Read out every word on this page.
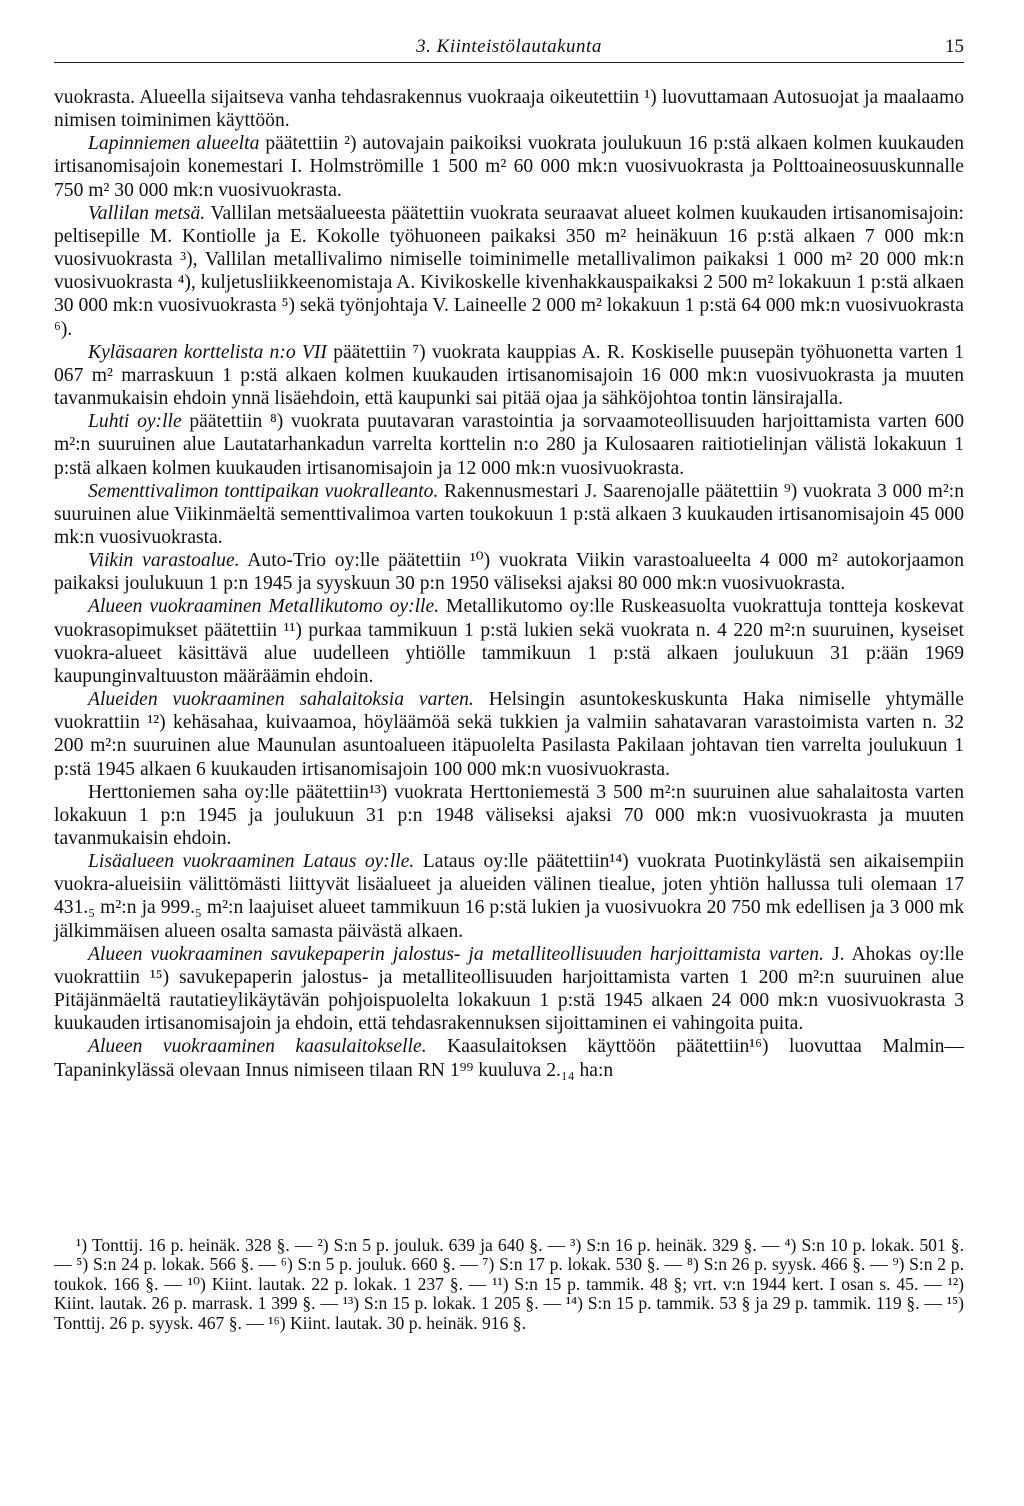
3. Kiinteistölautakunta	15

vuokrasta. Alueella sijaitseva vanha tehdasrakennus vuokraaja oikeutettiin ¹) luovuttamaan Autosuojat ja maalaamo nimisen toiminimen käyttöön.

Lapinniemen alueelta päätettiin ²) autovajain paikoiksi vuokrata joulukuun 16 p:stä alkaen kolmen kuukauden irtisanomisajoin konemestari I. Holmströmille 1 500 m² 60 000 mk:n vuosivuokrasta ja Polttoaineosuuskunnalle 750 m² 30 000 mk:n vuosivuokrasta.

Vallilan metsä. Vallilan metsäalueesta päätettiin vuokrata seuraavat alueet kolmen kuukauden irtisanomisajoin: peltisepille M. Kontiolle ja E. Kokolle työhuoneen paikaksi 350 m² heinäkuun 16 p:stä alkaen 7 000 mk:n vuosivuokrasta ³), Vallilan metallivalimo nimiselle toiminimelle metallivalimon paikaksi 1 000 m² 20 000 mk:n vuosivuokrasta ⁴), kuljetusliikkeenomistaja A. Kivikoskelle kivenhakkauspaikaksi 2 500 m² lokakuun 1 p:stä alkaen 30 000 mk:n vuosivuokrasta ⁵) sekä työnjohtaja V. Laineelle 2 000 m² lokakuun 1 p:stä 64 000 mk:n vuosivuokrasta ⁶).

Kyläsaaren korttelista n:o VII päätettiin ⁷) vuokrata kauppias A. R. Koskiselle puusepän työhuonetta varten 1 067 m² marraskuun 1 p:stä alkaen kolmen kuukauden irtisanomisajoin 16 000 mk:n vuosivuokrasta ja muuten tavanmukaisin ehdoin ynnä lisäehdoin, että kaupunki sai pitää ojaa ja sähköjohtoa tontin länsirajalla.

Luhti oy:lle päätettiin ⁸) vuokrata puutavaran varastointia ja sorvaamoteollisuuden harjoittamista varten 600 m²:n suuruinen alue Lautatarhankadun varrelta korttelin n:o 280 ja Kulosaaren raitiotielinjan välistä lokakuun 1 p:stä alkaen kolmen kuukauden irtisanomisajoin ja 12 000 mk:n vuosivuokrasta.

Sementtivalimon tonttipaikan vuokralleanto. Rakennusmestari J. Saarenojalle päätettiin ⁹) vuokrata 3 000 m²:n suuruinen alue Viikinmäeltä sementtivalimoa varten toukokuun 1 p:stä alkaen 3 kuukauden irtisanomisajoin 45 000 mk:n vuosivuokrasta.

Viikin varastoalue. Auto-Trio oy:lle päätettiin ¹⁰) vuokrata Viikin varastoalueelta 4 000 m² autokorjaamon paikaksi joulukuun 1 p:n 1945 ja syyskuun 30 p:n 1950 väliseksi ajaksi 80 000 mk:n vuosivuokrasta.

Alueen vuokraaminen Metallikutomo oy:lle. Metallikutomo oy:lle Ruskeasuolta vuokrattuja tontteja koskevat vuokrasopimukset päätettiin ¹¹) purkaa tammikuun 1 p:stä lukien sekä vuokrata n. 4 220 m²:n suuruinen, kyseiset vuokra-alueet käsittävä alue uudelleen yhtiölle tammikuun 1 p:stä alkaen joulukuun 31 p:ään 1969 kaupunginvaltuuston määräämin ehdoin.

Alueiden vuokraaminen sahalaitoksia varten. Helsingin asuntokeskuskunta Haka nimiselle yhtymälle vuokrattiin ¹²) kehäsahaa, kuivaamoa, höyläämöä sekä tukkien ja valmiin sahatavaran varastoimista varten n. 32 200 m²:n suuruinen alue Maunulan asuntoalueen itäpuolelta Pasilasta Pakilaan johtavan tien varrelta joulukuun 1 p:stä 1945 alkaen 6 kuukauden irtisanomisajoin 100 000 mk:n vuosivuokrasta.

Herttoniemen saha oy:lle päätettiin¹³) vuokrata Herttoniemestä 3 500 m²:n suuruinen alue sahalaitosta varten lokakuun 1 p:n 1945 ja joulukuun 31 p:n 1948 väliseksi ajaksi 70 000 mk:n vuosivuokrasta ja muuten tavanmukaisin ehdoin.

Lisäalueen vuokraaminen Lataus oy:lle. Lataus oy:lle päätettiin¹⁴) vuokrata Puotinkylästä sen aikaisempiin vuokra-alueisiin välittömästi liittyvät lisäalueet ja alueiden välinen tiealue, joten yhtiön hallussa tuli olemaan 17 431.₅ m²:n ja 999.₅ m²:n laajuiset alueet tammikuun 16 p:stä lukien ja vuosivuokra 20 750 mk edellisen ja 3 000 mk jälkimmäisen alueen osalta samasta päivästä alkaen.

Alueen vuokraaminen savukepaperin jalostus- ja metalliteollisuuden harjoittamista varten. J. Ahokas oy:lle vuokrattiin ¹⁵) savukepaperin jalostus- ja metalliteollisuuden harjoittamista varten 1 200 m²:n suuruinen alue Pitäjänmäeltä rautatieylikäytävän pohjoispuolelta lokakuun 1 p:stä 1945 alkaen 24 000 mk:n vuosivuokrasta 3 kuukauden irtisanomisajoin ja ehdoin, että tehdasrakennuksen sijoittaminen ei vahingoita puita.

Alueen vuokraaminen kaasulaitokselle. Kaasulaitoksen käyttöön päätettiin¹⁶) luovuttaa Malmin—Tapaninkylässä olevaan Innus nimiseen tilaan RN 1⁹⁹ kuuluva 2.₁₄ ha:n

¹) Tonttij. 16 p. heinäk. 328 §. — ²) S:n 5 p. jouluk. 639 ja 640 §. — ³) S:n 16 p. heinäk. 329 §. — ⁴) S:n 10 p. lokak. 501 §. — ⁵) S:n 24 p. lokak. 566 §. — ⁶) S:n 5 p. jouluk. 660 §. — ⁷) S:n 17 p. lokak. 530 §. — ⁸) S:n 26 p. syysk. 466 §. — ⁹) S:n 2 p. toukok. 166 §. — ¹⁰) Kiint. lautak. 22 p. lokak. 1 237 §. — ¹¹) S:n 15 p. tammik. 48 §; vrt. v:n 1944 kert. I osan s. 45. — ¹²) Kiint. lautak. 26 p. marrask. 1 399 §. — ¹³) S:n 15 p. lokak. 1 205 §. — ¹⁴) S:n 15 p. tammik. 53 § ja 29 p. tammik. 119 §. — ¹⁵) Tonttij. 26 p. syysk. 467 §. — ¹⁶) Kiint. lautak. 30 p. heinäk. 916 §.
